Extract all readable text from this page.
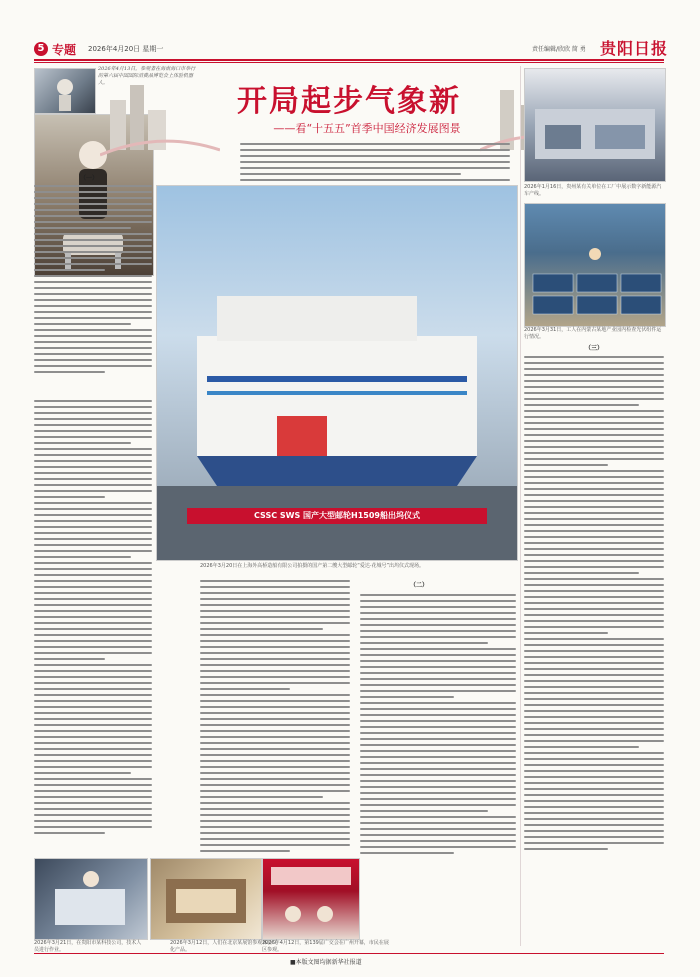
5 专题 2026年4月20日 星期一	责任编辑/欣欣 简 勇 贵阳日报
2026年4月13日，参观者在海南海口市举行的第六届中国国际消费品博览会上体验机器人。
开局起步气象新
——看“十五五”首季中国经济发展图景
2026年1月16日，贵州某有关单位在工厂中展示数字新能源汽车产线。
2026年3月31日，工人在内蒙古某地产业园内检查光伏组件运行情况。
（一）
CSSC SWS 国产大型邮轮H1509船出坞仪式
2026年3月20日在上海外高桥造船有限公司拍摄的国产第二艘大型邮轮“爱达·花城号”出坞仪式现场。
（二）
（三）
2026年3月21日，在贵阳市某科技公司，技术人员进行作业。
2026年3月12日，人们在北京某展馆参观体验文化产品。
2026年4月12日，第139届广交会在广州开幕，市民在展区参观。
■本版文图均据新华社报道
